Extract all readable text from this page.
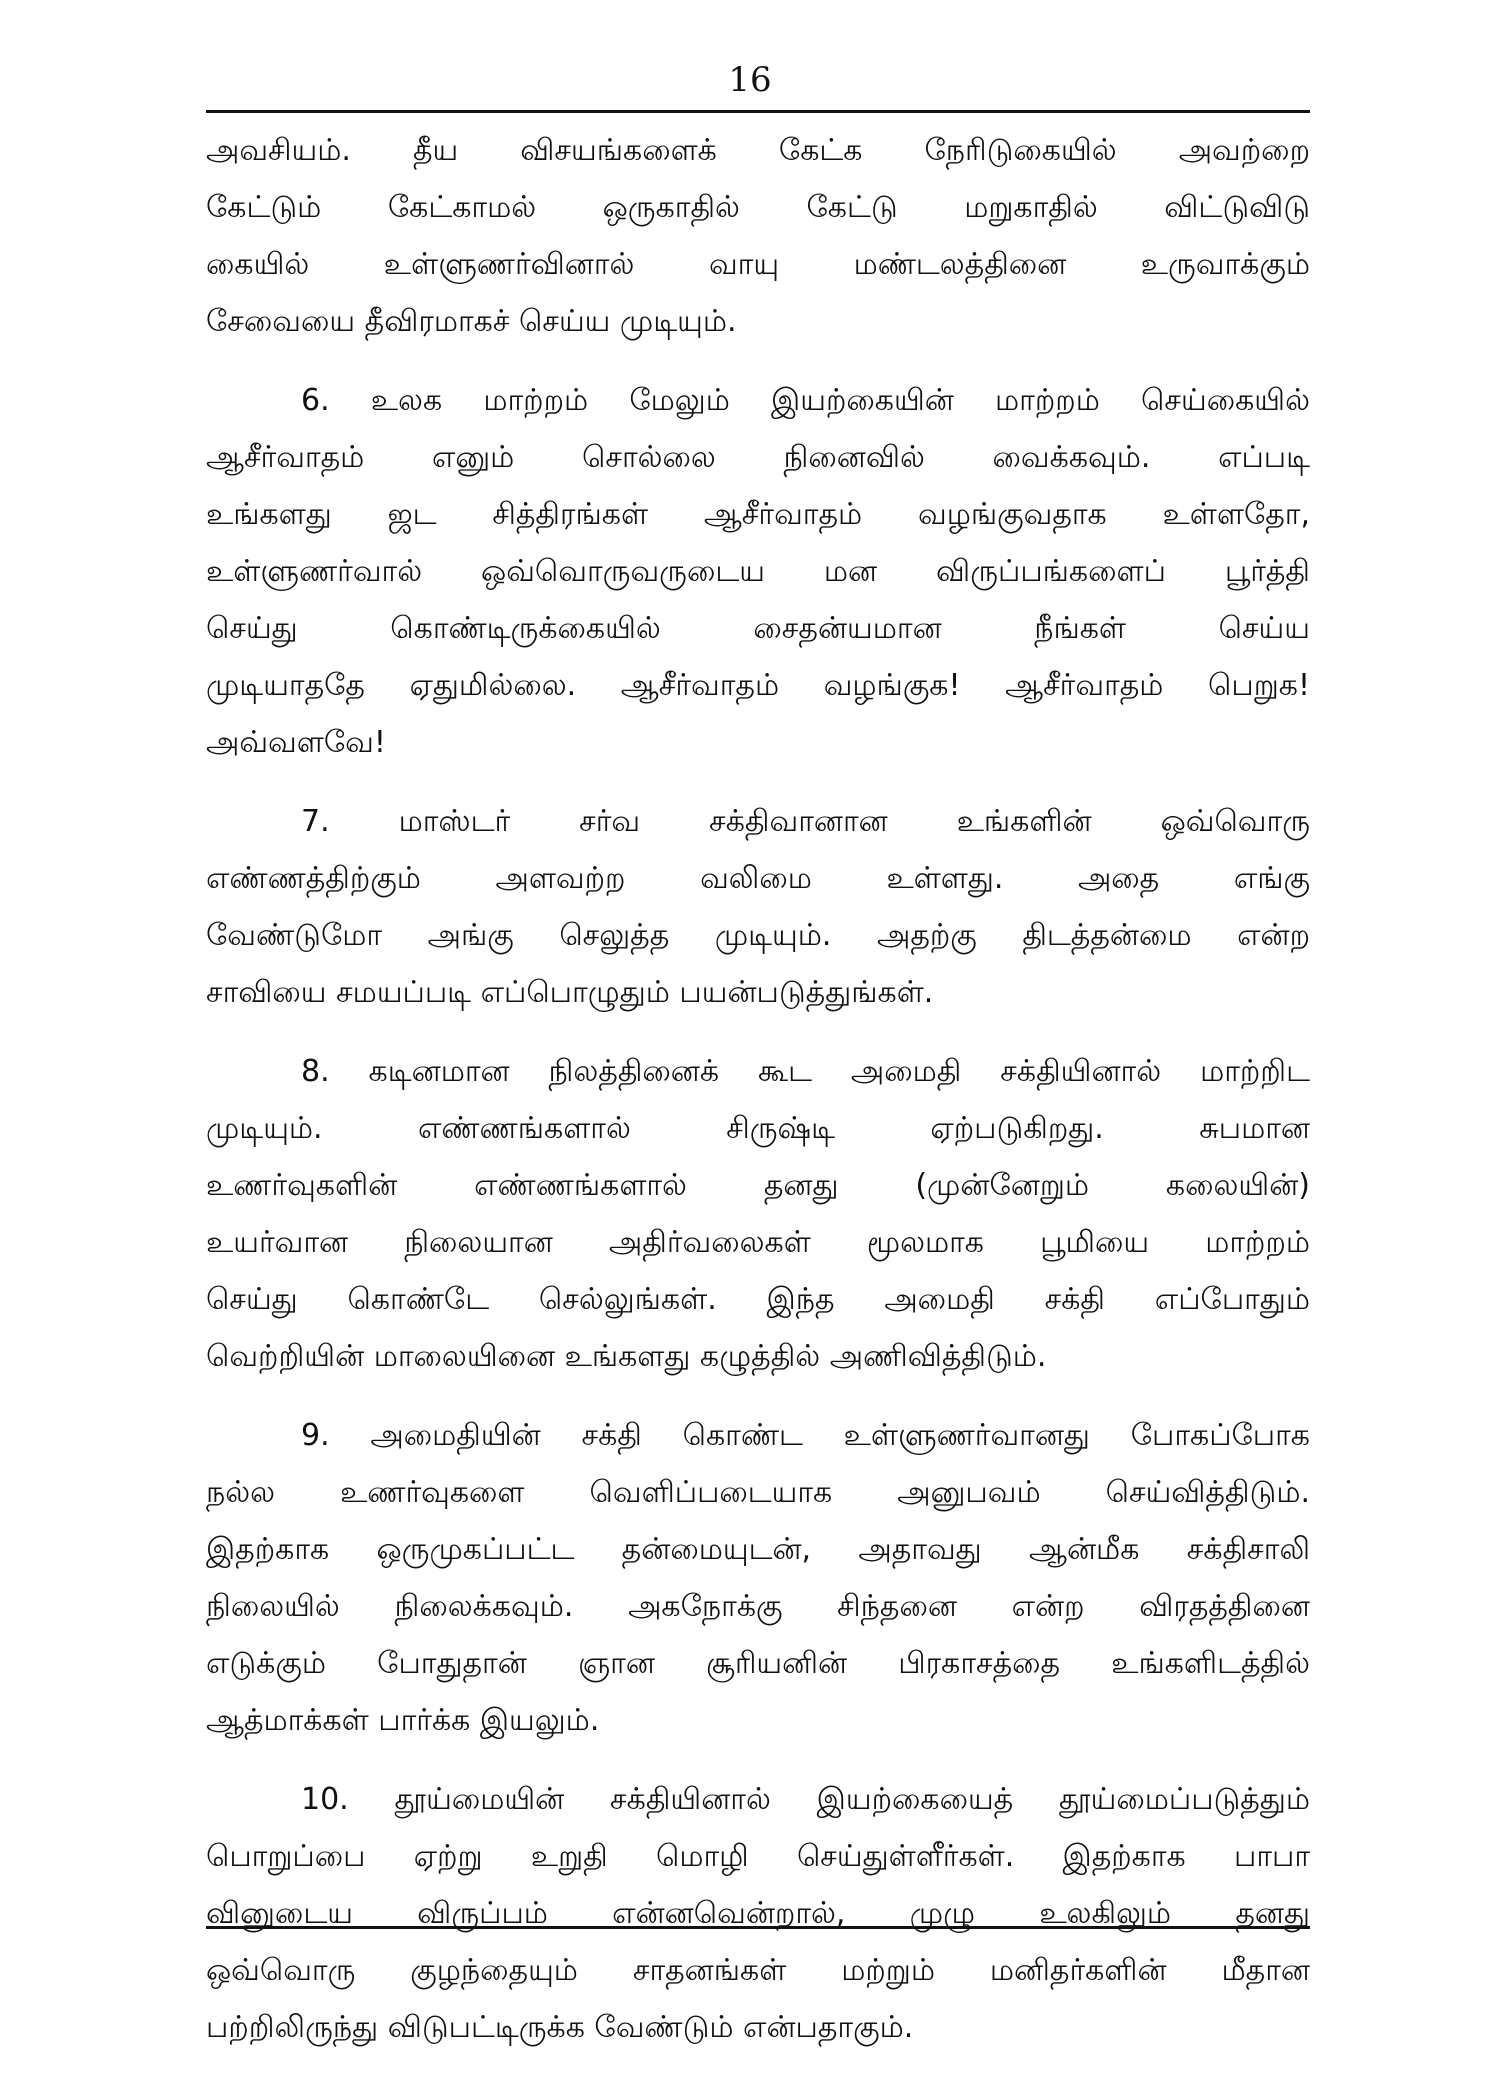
16
அவசியம். தீய விசயங்களைக் கேட்க நேரிடுகையில் அவற்றை
கேட்டும் கேட்காமல் ஒருகாதில் கேட்டு மறுகாதில் விட்டுவிடு
கையில் உள்ளுணர்வினால் வாயு மண்டலத்தினை உருவாக்கும்
சேவையை தீவிரமாகச் செய்ய முடியும்.
6. உலக மாற்றம் மேலும் இயற்கையின் மாற்றம் செய்கையில்
ஆசீர்வாதம் எனும் சொல்லை நினைவில் வைக்கவும். எப்படி
உங்களது ஜட சித்திரங்கள் ஆசீர்வாதம் வழங்குவதாக உள்ளதோ,
உள்ளுணர்வால் ஒவ்வொருவருடைய மன விருப்பங்களைப் பூர்த்தி
செய்து கொண்டிருக்கையில் சைதன்யமான நீங்கள் செய்ய
முடியாததே ஏதுமில்லை. ஆசீர்வாதம் வழங்குக! ஆசீர்வாதம் பெறுக!
அவ்வளவே!
7. மாஸ்டர் சர்வ சக்திவானான உங்களின் ஒவ்வொரு
எண்ணத்திற்கும் அளவற்ற வலிமை உள்ளது. அதை எங்கு
வேண்டுமோ அங்கு செலுத்த முடியும். அதற்கு திடத்தன்மை என்ற
சாவியை சமயப்படி எப்பொழுதும் பயன்படுத்துங்கள்.
8. கடினமான நிலத்தினைக் கூட அமைதி சக்தியினால் மாற்றிட
முடியும். எண்ணங்களால் சிருஷ்டி ஏற்படுகிறது. சுபமான
உணர்வுகளின் எண்ணங்களால் தனது (முன்னேறும் கலையின்)
உயர்வான நிலையான அதிர்வலைகள் மூலமாக பூமியை மாற்றம்
செய்து கொண்டே செல்லுங்கள். இந்த அமைதி சக்தி எப்போதும்
வெற்றியின் மாலையினை உங்களது கழுத்தில் அணிவித்திடும்.
9. அமைதியின் சக்தி கொண்ட உள்ளுணர்வானது போகப்போக
நல்ல உணர்வுகளை வெளிப்படையாக அனுபவம் செய்வித்திடும்.
இதற்காக ஒருமுகப்பட்ட தன்மையுடன், அதாவது ஆன்மீக சக்திசாலி
நிலையில் நிலைக்கவும். அகநோக்கு சிந்தனை என்ற விரதத்தினை
எடுக்கும் போதுதான் ஞான சூரியனின் பிரகாசத்தை உங்களிடத்தில்
ஆத்மாக்கள் பார்க்க இயலும்.
10. தூய்மையின் சக்தியினால் இயற்கையைத் தூய்மைப்படுத்தும்
பொறுப்பை ஏற்று உறுதி மொழி செய்துள்ளீர்கள். இதற்காக பாபா
வினுடைய விருப்பம் என்னவென்றால், முழு உலகிலும் தனது
ஒவ்வொரு குழந்தையும் சாதனங்கள் மற்றும் மனிதர்களின் மீதான
பற்றிலிருந்து விடுபட்டிருக்க வேண்டும் என்பதாகும்.
